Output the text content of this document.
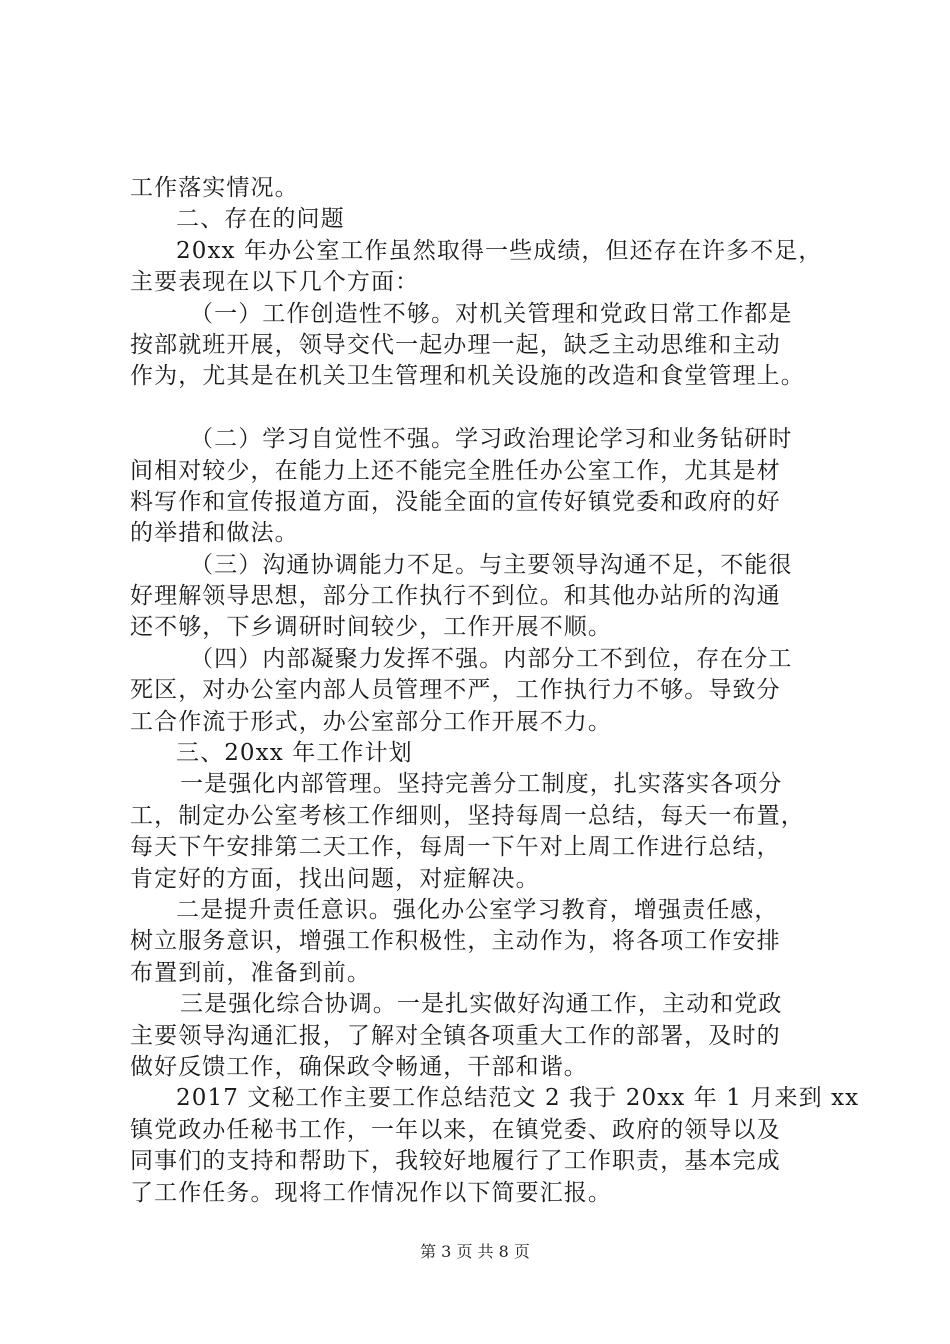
工作落实情况。
二、存在的问题
20xx 年办公室工作虽然取得一些成绩，但还存在许多不足，
主要表现在以下几个方面：
（一）工作创造性不够。对机关管理和党政日常工作都是
按部就班开展，领导交代一起办理一起，缺乏主动思维和主动
作为，尤其是在机关卫生管理和机关设施的改造和食堂管理上。
（二）学习自觉性不强。学习政治理论学习和业务钻研时
间相对较少，在能力上还不能完全胜任办公室工作，尤其是材
料写作和宣传报道方面，没能全面的宣传好镇党委和政府的好
的举措和做法。
（三）沟通协调能力不足。与主要领导沟通不足，不能很
好理解领导思想，部分工作执行不到位。和其他办站所的沟通
还不够，下乡调研时间较少，工作开展不顺。
（四）内部凝聚力发挥不强。内部分工不到位，存在分工
死区，对办公室内部人员管理不严，工作执行力不够。导致分
工合作流于形式，办公室部分工作开展不力。
三、20xx 年工作计划
一是强化内部管理。坚持完善分工制度，扎实落实各项分
工，制定办公室考核工作细则，坚持每周一总结，每天一布置，
每天下午安排第二天工作，每周一下午对上周工作进行总结，
肯定好的方面，找出问题，对症解决。
二是提升责任意识。强化办公室学习教育，增强责任感，
树立服务意识，增强工作积极性，主动作为，将各项工作安排
布置到前，准备到前。
三是强化综合协调。一是扎实做好沟通工作，主动和党政
主要领导沟通汇报，了解对全镇各项重大工作的部署，及时的
做好反馈工作，确保政令畅通，干部和谐。
2017 文秘工作主要工作总结范文 2 我于 20xx 年 1 月来到 xx
镇党政办任秘书工作，一年以来，在镇党委、政府的领导以及
同事们的支持和帮助下，我较好地履行了工作职责，基本完成
了工作任务。现将工作情况作以下简要汇报。
第 3 页 共 8 页
